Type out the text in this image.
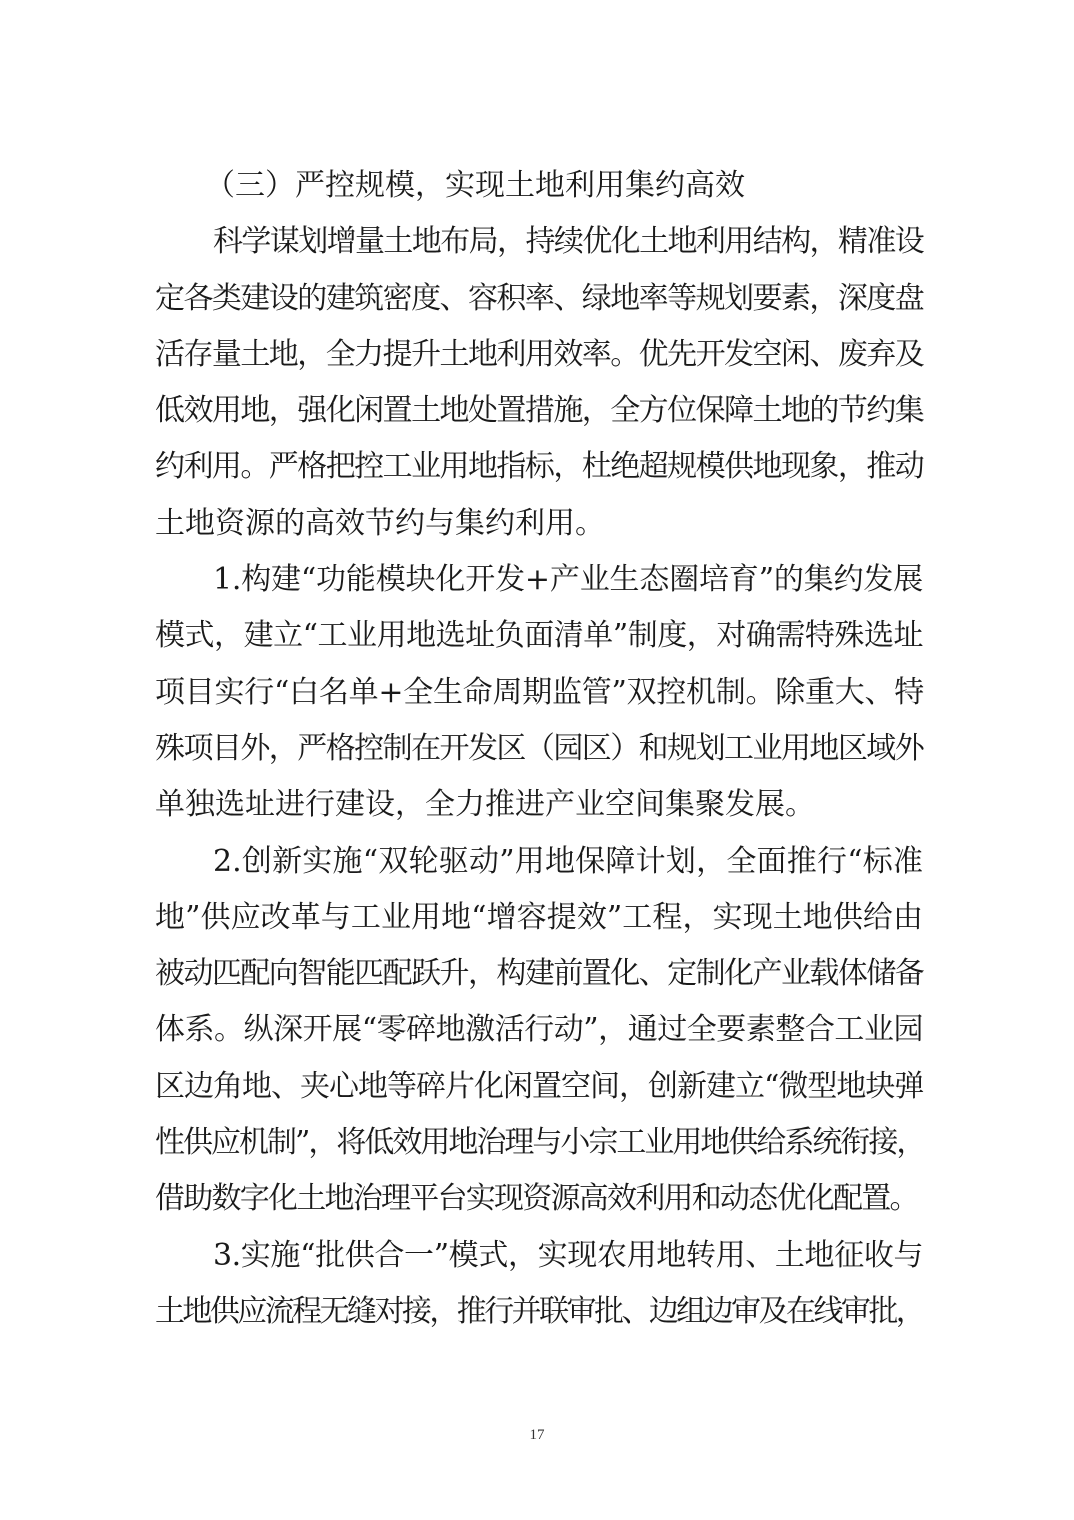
（三）严控规模，实现土地利用集约高效
科学谋划增量土地布局，持续优化土地利用结构，精准设
定各类建设的建筑密度、容积率、绿地率等规划要素，深度盘
活存量土地，全力提升土地利用效率。优先开发空闲、废弃及
低效用地，强化闲置土地处置措施，全方位保障土地的节约集
约利用。严格把控工业用地指标，杜绝超规模供地现象，推动
土地资源的高效节约与集约利用。
1.构建“功能模块化开发+产业生态圈培育”的集约发展
模式，建立“工业用地选址负面清单”制度，对确需特殊选址
项目实行“白名单+全生命周期监管”双控机制。除重大、特
殊项目外，严格控制在开发区（园区）和规划工业用地区域外
单独选址进行建设，全力推进产业空间集聚发展。
2.创新实施“双轮驱动”用地保障计划，全面推行“标准
地”供应改革与工业用地“增容提效”工程，实现土地供给由
被动匹配向智能匹配跃升，构建前置化、定制化产业载体储备
体系。纵深开展“零碎地激活行动”，通过全要素整合工业园
区边角地、夹心地等碎片化闲置空间，创新建立“微型地块弹
性供应机制”，将低效用地治理与小宗工业用地供给系统衔接，
借助数字化土地治理平台实现资源高效利用和动态优化配置。
3.实施“批供合一”模式，实现农用地转用、土地征收与
土地供应流程无缝对接，推行并联审批、边组边审及在线审批，
17
